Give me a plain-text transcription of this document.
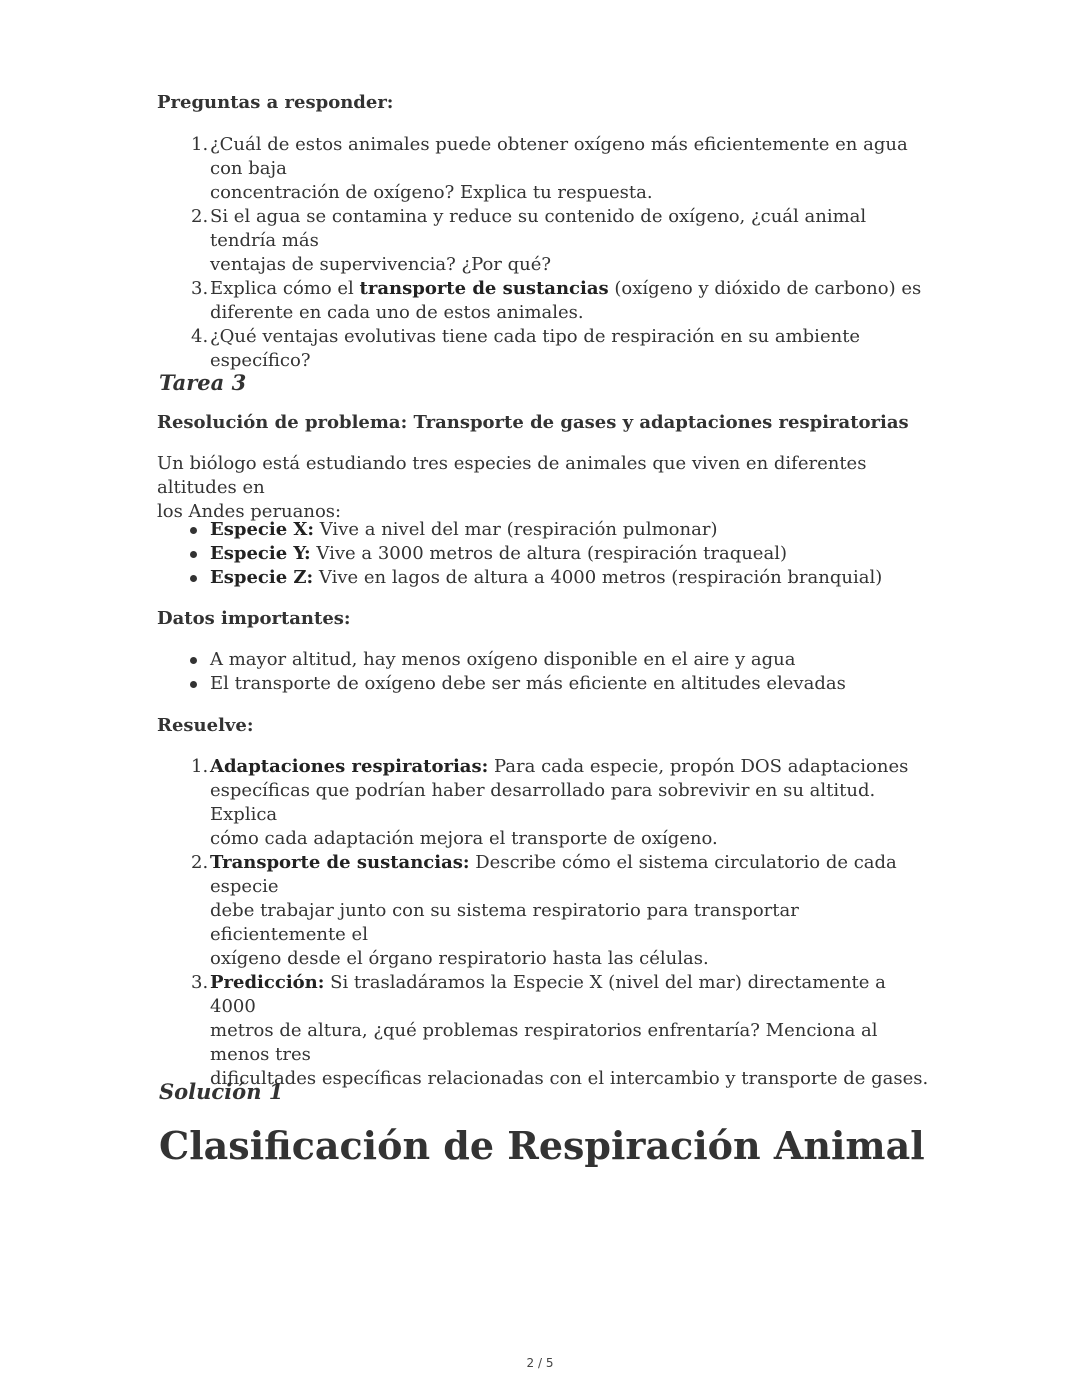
Preguntas a responder:
1. ¿Cuál de estos animales puede obtener oxígeno más eficientemente en agua con baja
concentración de oxígeno? Explica tu respuesta.
2. Si el agua se contamina y reduce su contenido de oxígeno, ¿cuál animal tendría más
ventajas de supervivencia? ¿Por qué?
3. Explica cómo el transporte de sustancias (oxígeno y dióxido de carbono) es
diferente en cada uno de estos animales.
4. ¿Qué ventajas evolutivas tiene cada tipo de respiración en su ambiente específico?
Tarea 3
Resolución de problema: Transporte de gases y adaptaciones respiratorias
Un biólogo está estudiando tres especies de animales que viven en diferentes altitudes en
los Andes peruanos:
Especie X: Vive a nivel del mar (respiración pulmonar)
Especie Y: Vive a 3000 metros de altura (respiración traqueal)
Especie Z: Vive en lagos de altura a 4000 metros (respiración branquial)
Datos importantes:
A mayor altitud, hay menos oxígeno disponible en el aire y agua
El transporte de oxígeno debe ser más eficiente en altitudes elevadas
Resuelve:
1. Adaptaciones respiratorias: Para cada especie, propón DOS adaptaciones
específicas que podrían haber desarrollado para sobrevivir en su altitud. Explica
cómo cada adaptación mejora el transporte de oxígeno.
2. Transporte de sustancias: Describe cómo el sistema circulatorio de cada especie
debe trabajar junto con su sistema respiratorio para transportar eficientemente el
oxígeno desde el órgano respiratorio hasta las células.
3. Predicción: Si trasladáramos la Especie X (nivel del mar) directamente a 4000
metros de altura, ¿qué problemas respiratorios enfrentaría? Menciona al menos tres
dificultades específicas relacionadas con el intercambio y transporte de gases.
Solución 1
Clasificación de Respiración Animal
2 / 5
